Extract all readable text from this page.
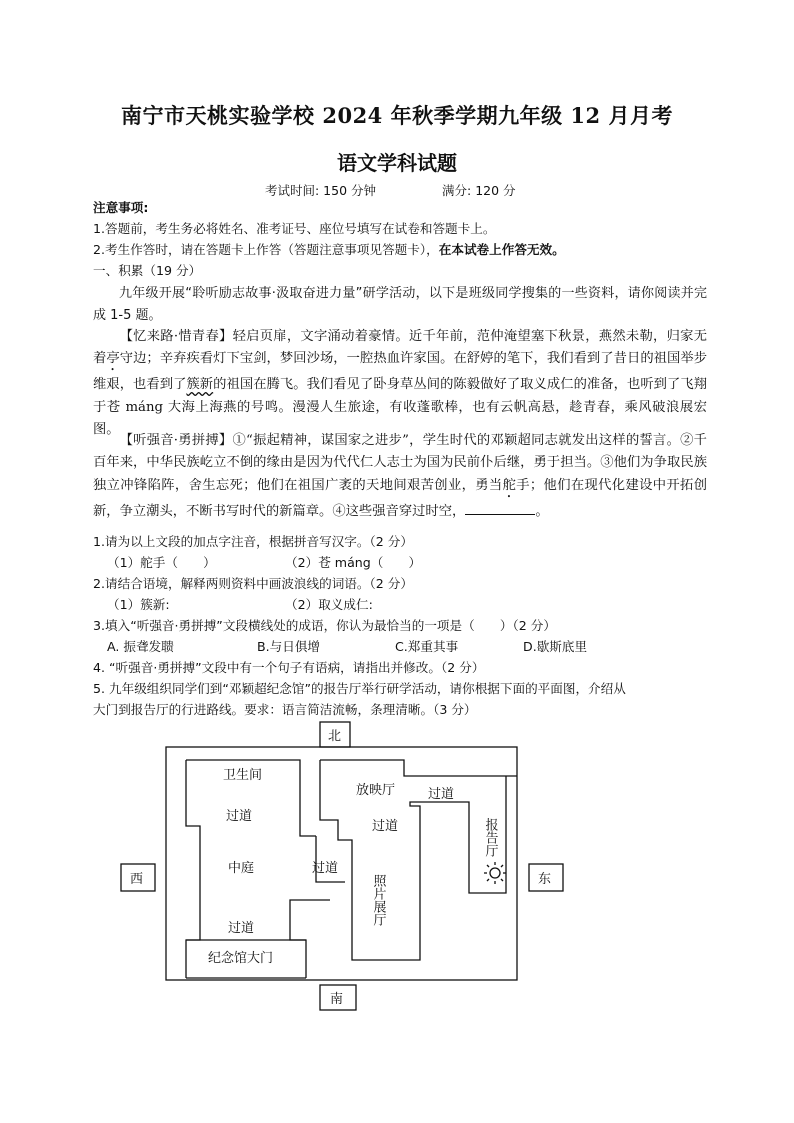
南宁市天桃实验学校 2024 年秋季学期九年级 12 月月考
语文学科试题
考试时间: 150 分钟	满分: 120 分
注意事项:
1.答题前，考生务必将姓名、准考证号、座位号填写在试卷和答题卡上。
2.考生作答时，请在答题卡上作答（答题注意事项见答题卡），在本试卷上作答无效。
一、积累（19 分）
九年级开展“聆听励志故事·汲取奋进力量”研学活动，以下是班级同学搜集的一些资料，请你阅读并完成 1-5 题。
【忆来路·惜青春】轻启页扉，文字涌动着豪情。近千年前，范仲淹望塞下秋景，燕然未勒，归家无着亭守边；辛弃疾看灯下宝剑，梦回沙场，一腔热血许家国。在舒婷的笔下，我们看到了昔日的祖国举步维艰，也看到了簇新的祖国在腾飞。我们看见了卧身草丛间的陈毅做好了取义成仁的准备，也听到了飞翔于苍 máng 大海上海燕的号鸣。漫漫人生旅途，有收蓬歌棒，也有云帆高悬，趁青春，乘风破浪展宏图。
【听强音·勇拼搏】①“振起精神，谋国家之进步”，学生时代的邓颖超同志就发出这样的誓言。②千百年来，中华民族屹立不倒的缘由是因为代代仁人志士为国为民前仆后继，勇于担当。③他们为争取民族独立冲锋陷阵，舍生忘死；他们在祖国广袤的天地间艰苦创业，勇当舵手；他们在现代化建设中开拓创新，争立潮头，不断书写时代的新篇章。④这些强音穿过时空，	。
1.请为以上文段的加点字注音，根据拼音写汉字。（2 分）
（1）舵手（　　）	（2）苍 máng（　　）
2.请结合语境，解释两则资料中画波浪线的词语。（2 分）
（1）簇新:	（2）取义成仁:
3.填入“听强音·勇拼搏”文段横线处的成语，你认为最恰当的一项是（　　）（2 分）
A. 振聋发聩	B.与日俱增	C.郑重其事	D.歇斯底里
4. “听强音·勇拼搏”文段中有一个句子有语病，请指出并修改。（2 分）
5. 九年级组织同学们到“邓颖超纪念馆”的报告厅举行研学活动，请你根据下面的平面图，介绍从
大门到报告厅的行进路线。要求：语言简洁流畅，条理清晰。（3 分）
北
南
西	东
卫生间
过道
中庭	过道
过道
纪念馆大门
放映厅	过道
过道
照片展厅
报告厅
